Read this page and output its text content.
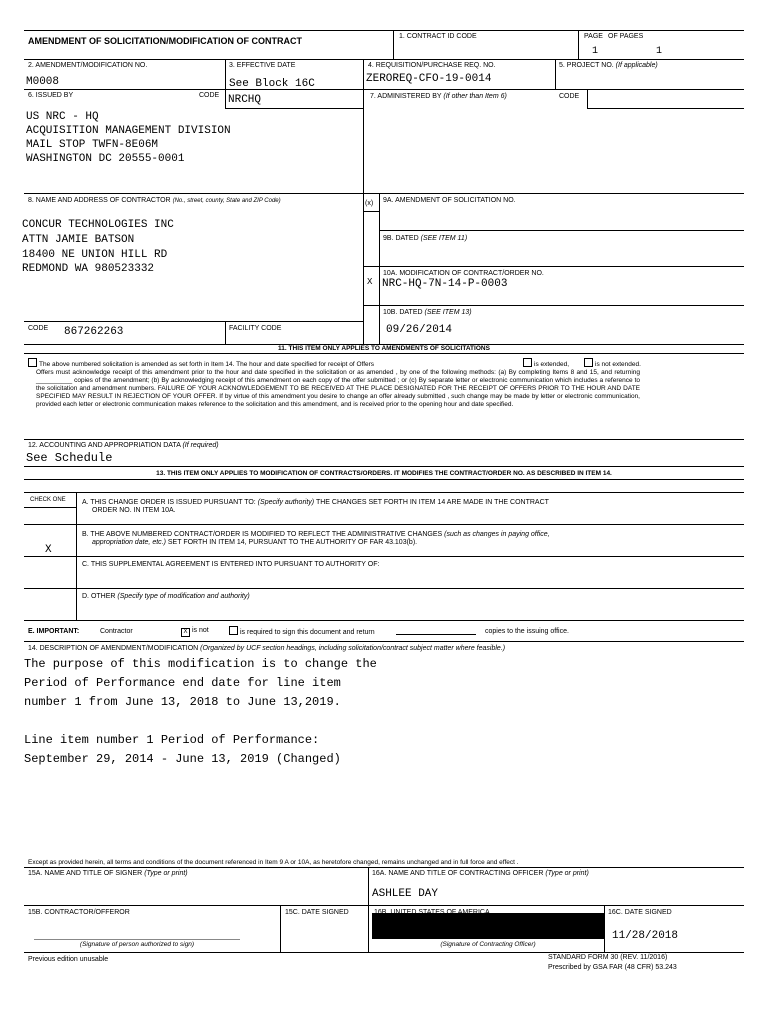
AMENDMENT OF SOLICITATION/MODIFICATION OF CONTRACT	1. CONTRACT ID CODE	PAGE OF PAGES
1	1
2. AMENDMENT/MODIFICATION NO.
M0008
3. EFFECTIVE DATE
See Block 16C
4. REQUISITION/PURCHASE REQ. NO.
ZEROREQ-CFO-19-0014
5. PROJECT NO. (If applicable)
6. ISSUED BY	CODE NRCHQ
US NRC - HQ
ACQUISITION MANAGEMENT DIVISION
MAIL STOP TWFN-8E06M
WASHINGTON DC 20555-0001
7. ADMINISTERED BY (If other than Item 6)	CODE
8. NAME AND ADDRESS OF CONTRACTOR (No., street, county, State and ZIP Code)
CONCUR TECHNOLOGIES INC
ATTN JAMIE BATSON
18400 NE UNION HILL RD
REDMOND WA 980523332
(x) 9A. AMENDMENT OF SOLICITATION NO.
9B. DATED (SEE ITEM 11)
X
10A. MODIFICATION OF CONTRACT/ORDER NO.
NRC-HQ-7N-14-P-0003
10B. DATED (SEE ITEM 13)
09/26/2014
CODE 867262263	FACILITY CODE
11. THIS ITEM ONLY APPLIES TO AMENDMENTS OF SOLICITATIONS
The above numbered solicitation is amended as set forth in Item 14. The hour and date specified for receipt of Offers	is extended,	is not extended.
Offers must acknowledge receipt of this amendment prior to the hour and date specified in the solicitation or as amended , by one of the following methods: (a) By completing Items 8 and 15, and returning __________ copies of the amendment; (b) By acknowledging receipt of this amendment on each copy of the offer submitted ; or (c) By separate letter or electronic communication which includes a reference to the solicitation and amendment numbers. FAILURE OF YOUR ACKNOWLEDGEMENT TO BE RECEIVED AT THE PLACE DESIGNATED FOR THE RECEIPT OF OFFERS PRIOR TO THE HOUR AND DATE SPECIFIED MAY RESULT IN REJECTION OF YOUR OFFER. If by virtue of this amendment you desire to change an offer already submitted , such change may be made by letter or electronic communication, provided each letter or electronic communication makes reference to the solicitation and this amendment, and is received prior to the opening hour and date specified.
12. ACCOUNTING AND APPROPRIATION DATA (If required)
See Schedule
13. THIS ITEM ONLY APPLIES TO MODIFICATION OF CONTRACTS/ORDERS. IT MODIFIES THE CONTRACT/ORDER NO. AS DESCRIBED IN ITEM 14.
CHECK ONE A. THIS CHANGE ORDER IS ISSUED PURSUANT TO: (Specify authority) THE CHANGES SET FORTH IN ITEM 14 ARE MADE IN THE CONTRACT
ORDER NO. IN ITEM 10A.
B. THE ABOVE NUMBERED CONTRACT/ORDER IS MODIFIED TO REFLECT THE ADMINISTRATIVE CHANGES (such as changes in paying office,
appropriation date, etc.) SET FORTH IN ITEM 14, PURSUANT TO THE AUTHORITY OF FAR 43.103(b).
X
C. THIS SUPPLEMENTAL AGREEMENT IS ENTERED INTO PURSUANT TO AUTHORITY OF:
D. OTHER (Specify type of modification and authority)
E. IMPORTANT:	Contractor	X is not	is required to sign this document and return	copies to the issuing office.
14. DESCRIPTION OF AMENDMENT/MODIFICATION (Organized by UCF section headings, including solicitation/contract subject matter where feasible.)
The purpose of this modification is to change the
Period of Performance end date for line item
number 1 from June 13, 2018 to June 13,2019.
Line item number 1 Period of Performance:
September 29, 2014 - June 13, 2019 (Changed)
Except as provided herein, all terms and conditions of the document referenced in Item 9 A or 10A, as heretofore changed, remains unchanged and in full force and effect .
15A. NAME AND TITLE OF SIGNER (Type or print)	16A. NAME AND TITLE OF CONTRACTING OFFICER (Type or print)
ASHLEE DAY
15B. CONTRACTOR/OFFEROR	15C. DATE SIGNED	16C. DATE SIGNED
11/28/2018
(Signature of person authorized to sign)	(Signature of Contracting Officer)
Previous edition unusable	STANDARD FORM 30 (REV. 11/2016)
Prescribed by GSA FAR (48 CFR) 53.243
